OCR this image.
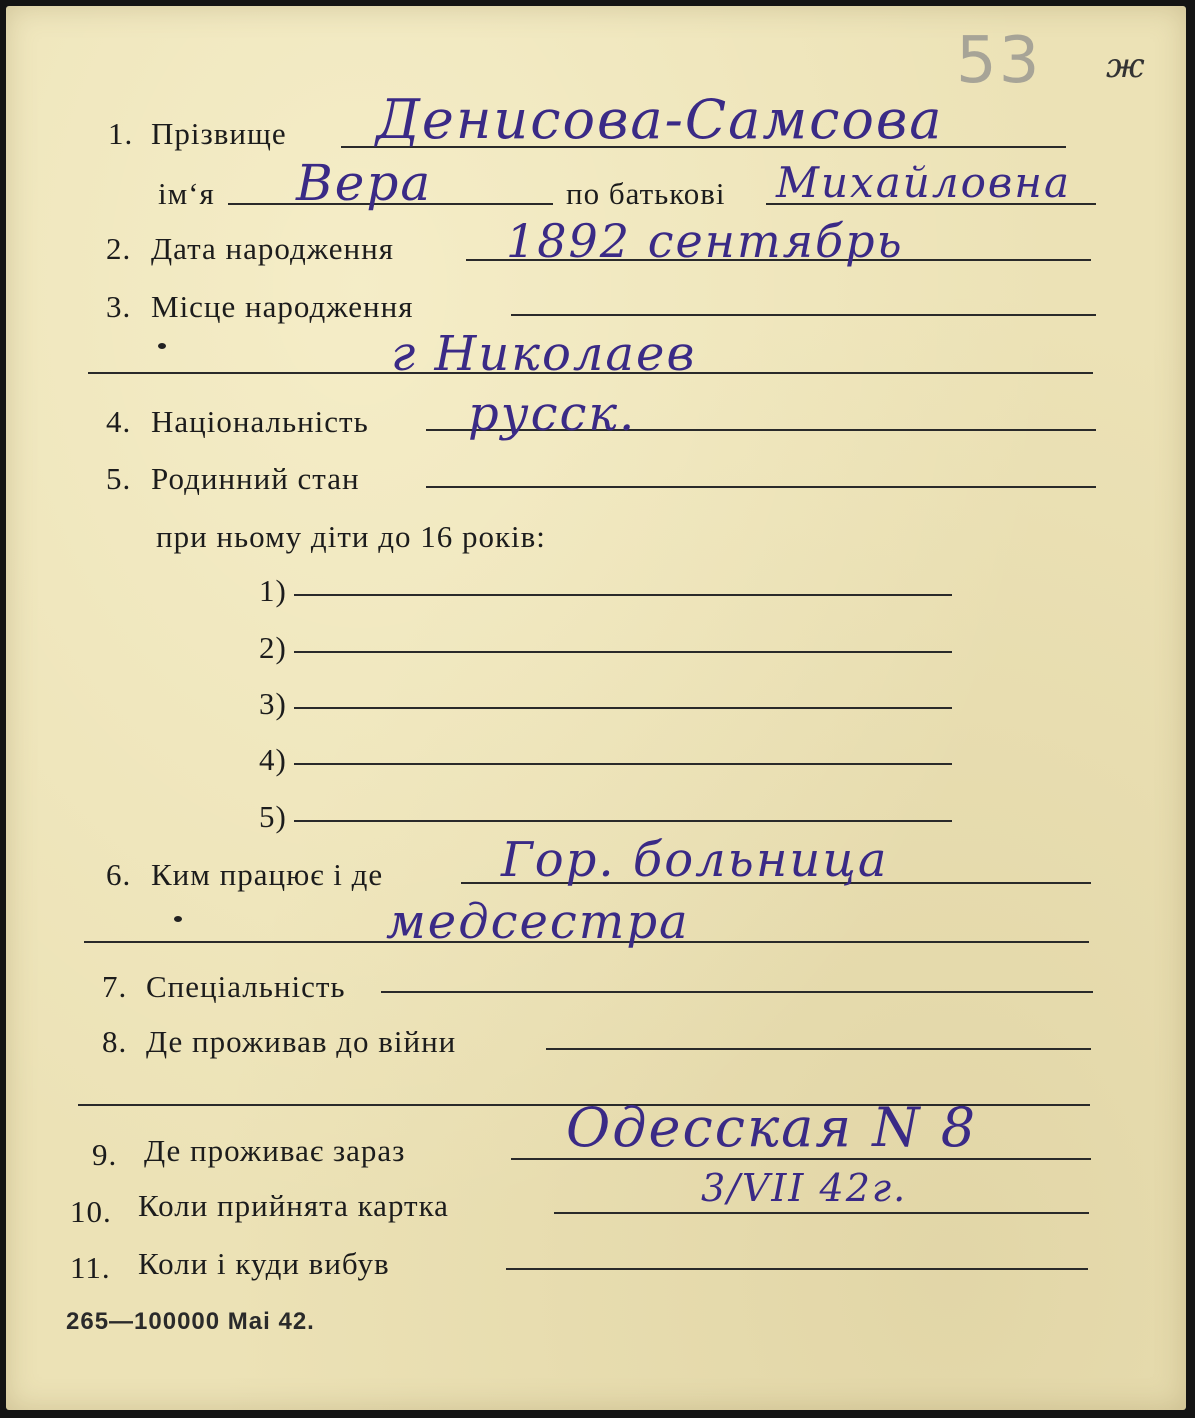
53 ж
1. Прізвище Денисова-Самсова
ім‘я Вера	по батькові Михайловна
2. Дата народження 1892 сентябрь
3. Місце народження
г Николаев
4. Національність русск.
5. Родинний стан
при ньому діти до 16 років:
1)
2)
3)
4)
5)
6. Ким працює і де Гор. больница
медсестра
7. Спеціальність
8. Де проживав до війни
9. Де проживає зараз	Одесская N 8
10. Коли прийнята картка	3/VII 42г.
11. Коли і куди вибув
265—100000 Mai 42.
